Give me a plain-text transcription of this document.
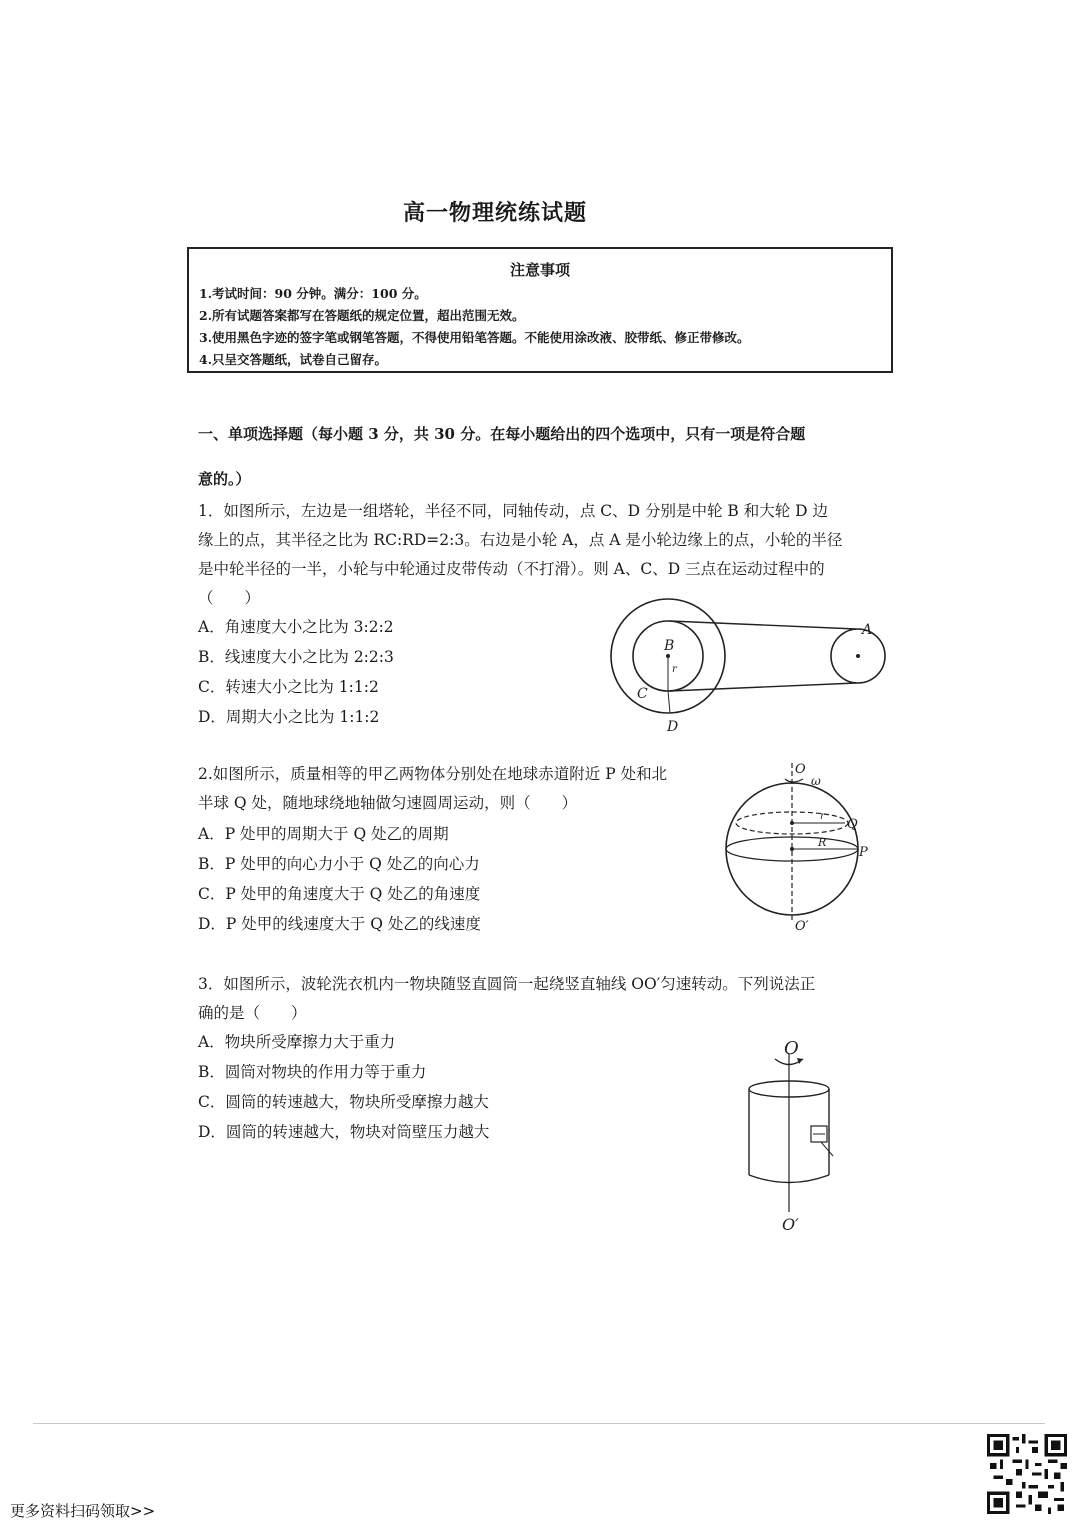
高一物理统练试题
注意事项
1.考试时间：90 分钟。满分：100 分。
2.所有试题答案都写在答题纸的规定位置，超出范围无效。
3.使用黑色字迹的签字笔或钢笔答题，不得使用铅笔答题。不能使用涂改液、胶带纸、修正带修改。
4.只呈交答题纸，试卷自己留存。
一、单项选择题（每小题 3 分，共 30 分。在每小题给出的四个选项中，只有一项是符合题
意的。）
1．如图所示，左边是一组塔轮，半径不同，同轴传动，点 C、D 分别是中轮 B 和大轮 D 边
缘上的点，其半径之比为 RC:RD=2:3。右边是小轮 A，点 A 是小轮边缘上的点，小轮的半径
是中轮半径的一半，小轮与中轮通过皮带传动（不打滑）。则 A、C、D 三点在运动过程中的
（　　）
A．角速度大小之比为 3:2:2
B．线速度大小之比为 2:2:3
C．转速大小之比为 1:1:2
D．周期大小之比为 1:1:2
B
r
C
D
A
2.如图所示，质量相等的甲乙两物体分别处在地球赤道附近 P 处和北
半球 Q 处，随地球绕地轴做匀速圆周运动，则（　　）
A．P 处甲的周期大于 Q 处乙的周期
B．P 处甲的向心力小于 Q 处乙的向心力
C．P 处甲的角速度大于 Q 处乙的角速度
D．P 处甲的线速度大于 Q 处乙的线速度
O
ω
r
Q
R
P
O′
3．如图所示，波轮洗衣机内一物块随竖直圆筒一起绕竖直轴线 OO′匀速转动。下列说法正
确的是（　　）
A．物块所受摩擦力大于重力
B．圆筒对物块的作用力等于重力
C．圆筒的转速越大，物块所受摩擦力越大
D．圆筒的转速越大，物块对筒壁压力越大
O
O′
更多资料扫码领取>>
